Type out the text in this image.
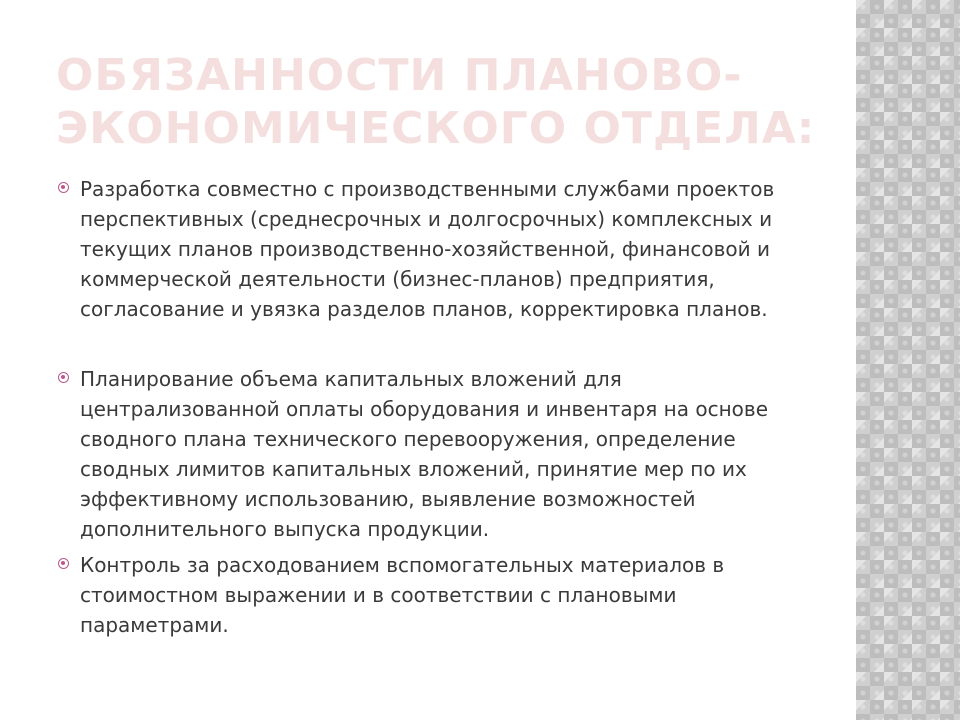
ОБЯЗАННОСТИ ПЛАНОВО-ЭКОНОМИЧЕСКОГО ОТДЕЛА:
Разработка совместно с производственными службами проектов перспективных (среднесрочных и долгосрочных) комплексных и текущих планов производственно-хозяйственной, финансовой и коммерческой деятельности (бизнес-планов) предприятия, согласование и увязка разделов планов, корректировка планов.
Планирование объема капитальных вложений для централизованной оплаты оборудования и инвентаря на основе сводного плана технического перевооружения, определение сводных лимитов капитальных вложений, принятие мер по их эффективному использованию, выявление возможностей дополнительного выпуска продукции.
Контроль за расходованием вспомогательных материалов в стоимостном выражении и в соответствии с плановыми параметрами.
